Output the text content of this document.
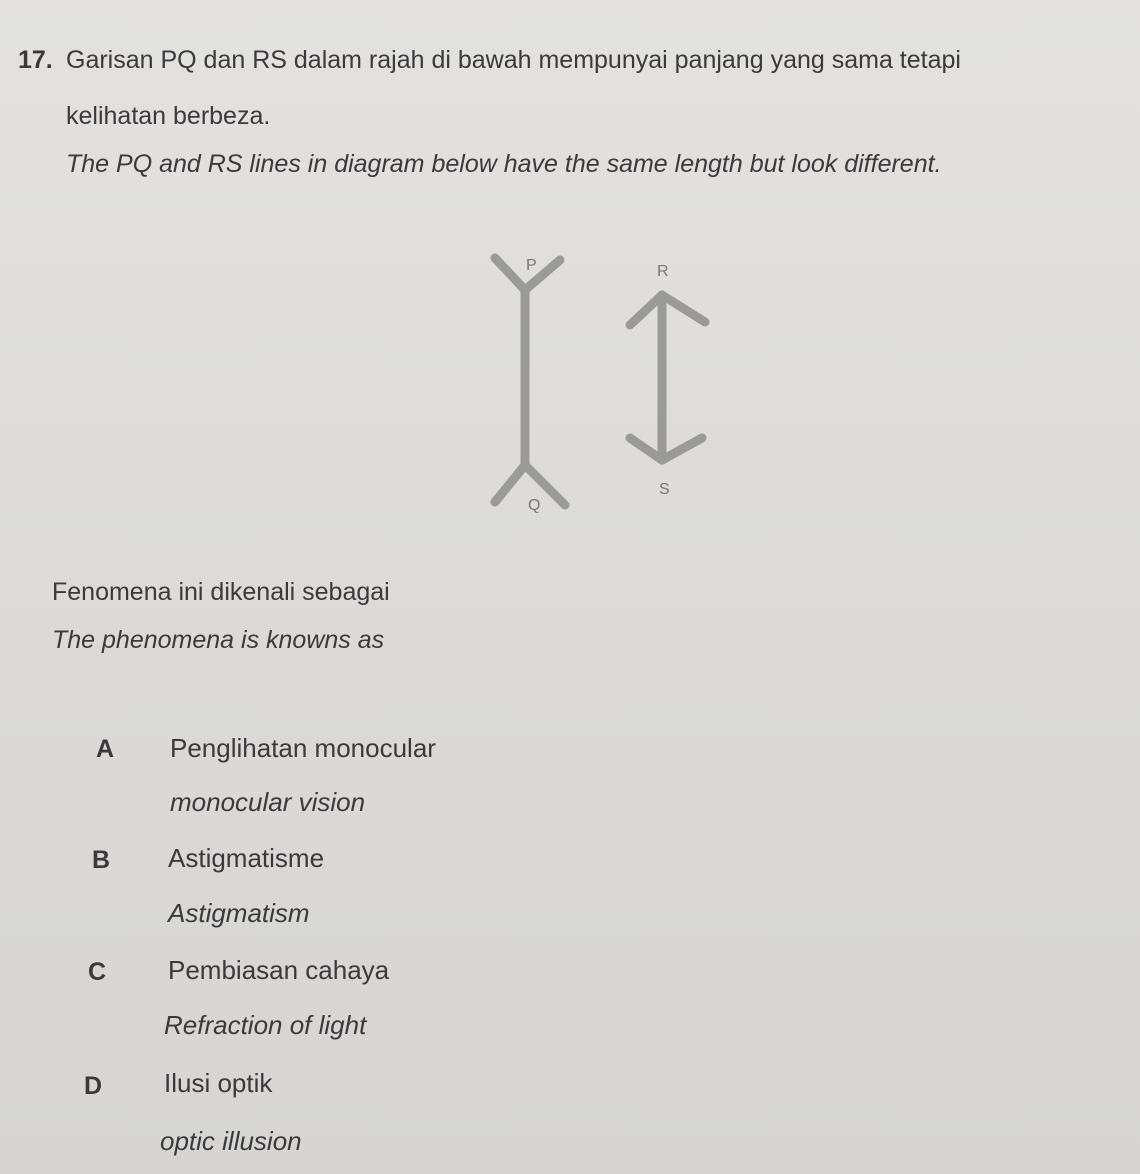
17. Garisan PQ dan RS dalam rajah di bawah mempunyai panjang yang sama tetapi
kelihatan berbeza.
The PQ and RS lines in diagram below have the same length but look different.
P
Q
R
S
Fenomena ini dikenali sebagai
The phenomena is knowns as
A Penglihatan monocular
monocular vision
B Astigmatisme
Astigmatism
C Pembiasan cahaya
Refraction of light
D Ilusi optik
optic illusion
